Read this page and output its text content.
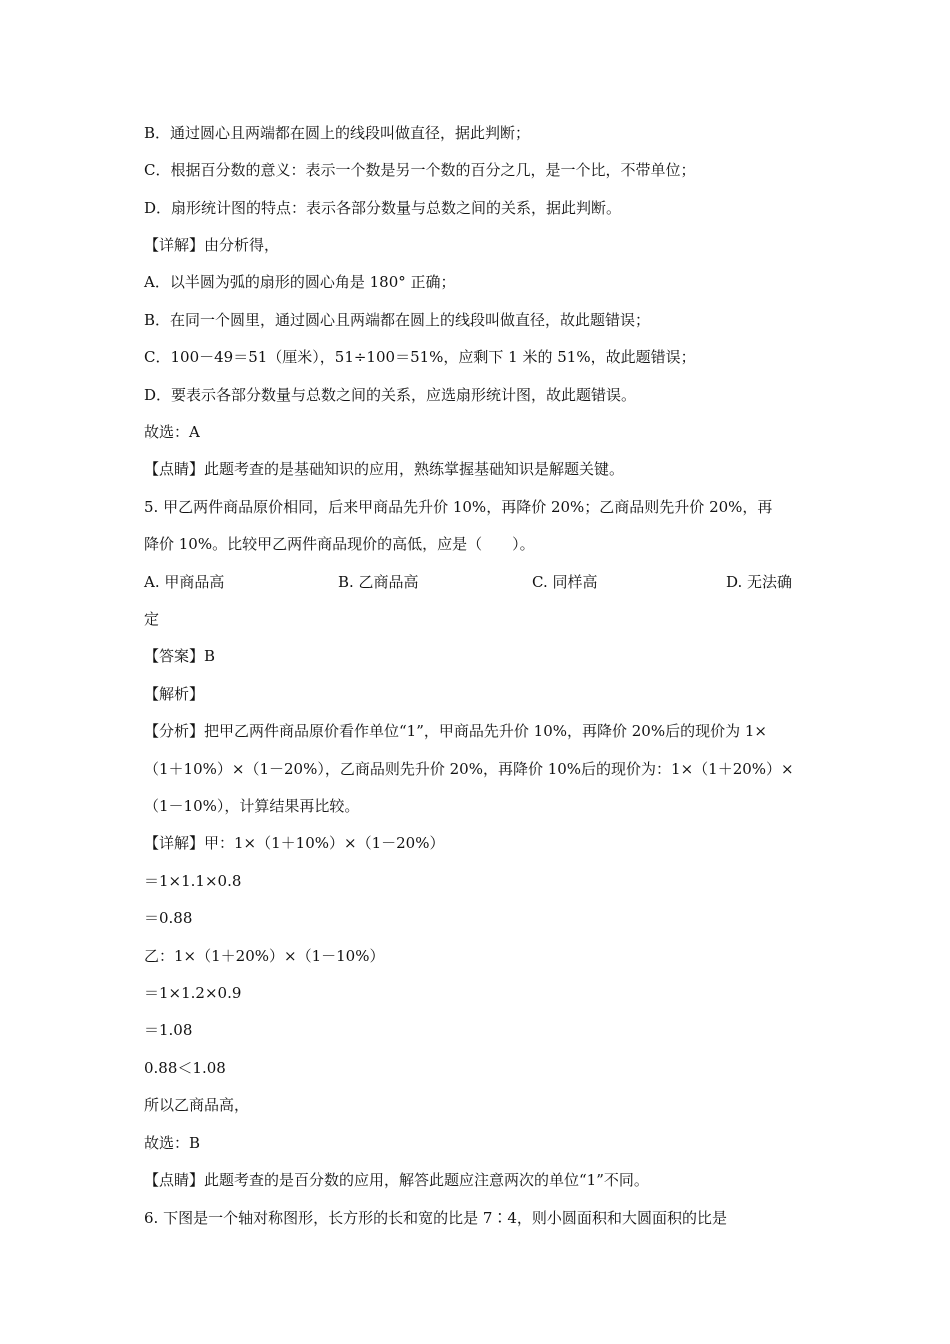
B．通过圆心且两端都在圆上的线段叫做直径，据此判断；
C．根据百分数的意义：表示一个数是另一个数的百分之几，是一个比，不带单位；
D．扇形统计图的特点：表示各部分数量与总数之间的关系，据此判断。
【详解】由分析得，
A．以半圆为弧的扇形的圆心角是 180° 正确；
B．在同一个圆里，通过圆心且两端都在圆上的线段叫做直径，故此题错误；
C．100－49＝51（厘米），51÷100＝51%，应剩下 1 米的 51%，故此题错误；
D．要表示各部分数量与总数之间的关系，应选扇形统计图，故此题错误。
故选：A
【点睛】此题考查的是基础知识的应用，熟练掌握基础知识是解题关键。
5. 甲乙两件商品原价相同，后来甲商品先升价 10%，再降价 20%；乙商品则先升价 20%，再
降价 10%。比较甲乙两件商品现价的高低，应是（　　）。
A. 甲商品高	B. 乙商品高	C. 同样高	D. 无法确
定
【答案】B
【解析】
【分析】把甲乙两件商品原价看作单位“1”，甲商品先升价 10%，再降价 20%后的现价为 1×
（1＋10%）×（1－20%），乙商品则先升价 20%，再降价 10%后的现价为：1×（1＋20%）×
（1－10%），计算结果再比较。
【详解】甲：1×（1＋10%）×（1－20%）
＝1×1.1×0.8
＝0.88
乙：1×（1＋20%）×（1－10%）
＝1×1.2×0.9
＝1.08
0.88＜1.08
所以乙商品高，
故选：B
【点睛】此题考查的是百分数的应用，解答此题应注意两次的单位“1”不同。
6. 下图是一个轴对称图形，长方形的长和宽的比是 7∶4，则小圆面积和大圆面积的比是
